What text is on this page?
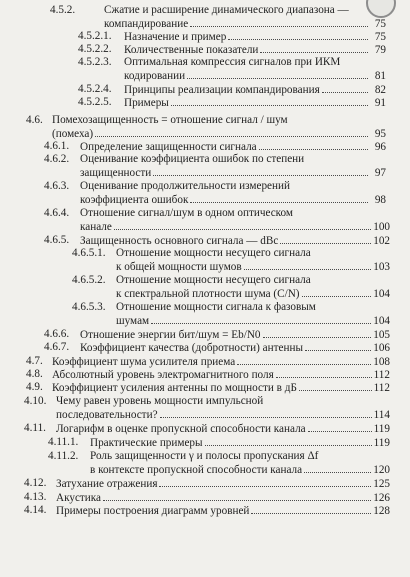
4.5.2.	Сжатие и расширение динамического диапазона —
компандирование	75
4.5.2.1. Назначение и пример	75
4.5.2.2. Количественные показатели	79
4.5.2.3. Оптимальная компрессия сигналов при ИКМ
кодировании	81
4.5.2.4. Принципы реализации компандирования	82
4.5.2.5. Примеры	91
4.6. Помехозащищенность = отношение сигнал / шум
(помеха)	95
4.6.1. Определение защищенности сигнала	96
4.6.2. Оценивание коэффициента ошибок по степени
защищенности	97
4.6.3. Оценивание продолжительности измерений
коэффициента ошибок	98
4.6.4. Отношение сигнал/шум в одном оптическом
канале	100
4.6.5. Защищенность основного сигнала — dBc	102
4.6.5.1. Отношение мощности несущего сигнала
к общей мощности шумов	103
4.6.5.2. Отношение мощности несущего сигнала
к спектральной плотности шума (C/N)	104
4.6.5.3. Отношение мощности сигнала к фазовым
шумам	104
4.6.6. Отношение энергии бит/шум = Eb/N0	105
4.6.7. Коэффициент качества (добротности) антенны	106
4.7. Коэффициент шума усилителя приема	108
4.8. Абсолютный уровень электромагнитного поля	112
4.9. Коэффициент усиления антенны по мощности в дБ	112
4.10. Чему равен уровень мощности импульсной
последовательности?	114
4.11. Логарифм в оценке пропускной способности канала	119
4.11.1. Практические примеры	119
4.11.2. Роль защищенности γ и полосы пропускания Δf
в контексте пропускной способности канала	120
4.12. Затухание отражения	125
4.13. Акустика	126
4.14. Примеры построения диаграмм уровней	128
